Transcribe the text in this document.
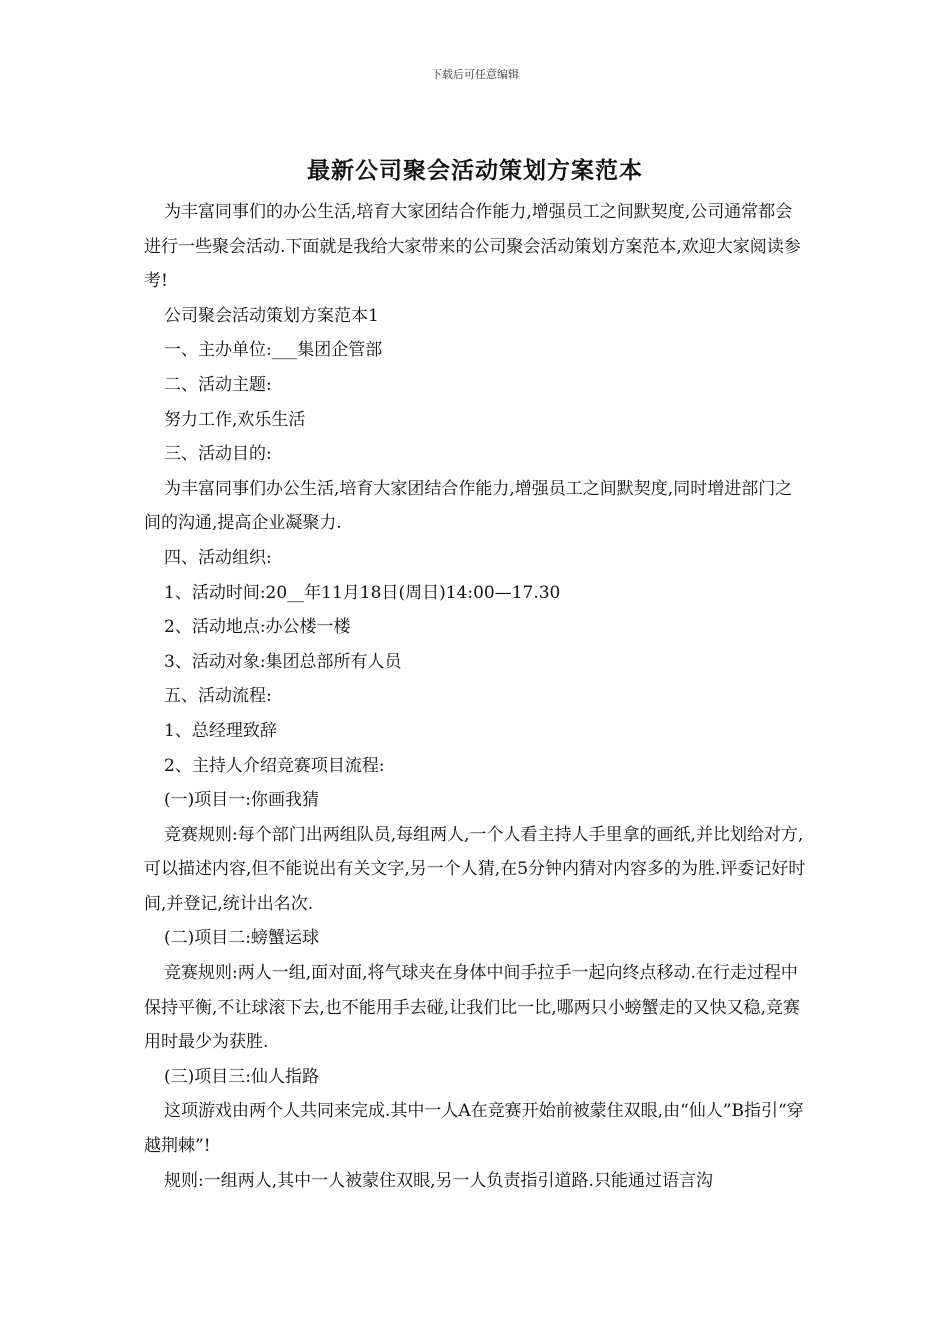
下载后可任意编辑
最新公司聚会活动策划方案范本

为丰富同事们的办公生活,培育大家团结合作能力,增强员工之间默契度,公司通常都会进行一些聚会活动.下面就是我给大家带来的公司聚会活动策划方案范本,欢迎大家阅读参考!

公司聚会活动策划方案范本1

一、主办单位:___集团企管部

二、活动主题:

努力工作,欢乐生活

三、活动目的:

为丰富同事们办公生活,培育大家团结合作能力,增强员工之间默契度,同时增进部门之间的沟通,提高企业凝聚力.

四、活动组织:

1、活动时间:20__年11月18日(周日)14:00—17.30

2、活动地点:办公楼一楼

3、活动对象:集团总部所有人员

五、活动流程:

1、总经理致辞

2、主持人介绍竞赛项目流程:

(一)项目一:你画我猜

竞赛规则:每个部门出两组队员,每组两人,一个人看主持人手里拿的画纸,并比划给对方,可以描述内容,但不能说出有关文字,另一个人猜,在5分钟内猜对内容多的为胜.评委记好时间,并登记,统计出名次.

(二)项目二:螃蟹运球

竞赛规则:两人一组,面对面,将气球夹在身体中间手拉手一起向终点移动.在行走过程中保持平衡,不让球滚下去,也不能用手去碰,让我们比一比,哪两只小螃蟹走的又快又稳,竞赛用时最少为获胜.

(三)项目三:仙人指路

这项游戏由两个人共同来完成.其中一人A在竞赛开始前被蒙住双眼,由“仙人”B指引“穿越荆棘”!

规则:一组两人,其中一人被蒙住双眼,另一人负责指引道路.只能通过语言沟
